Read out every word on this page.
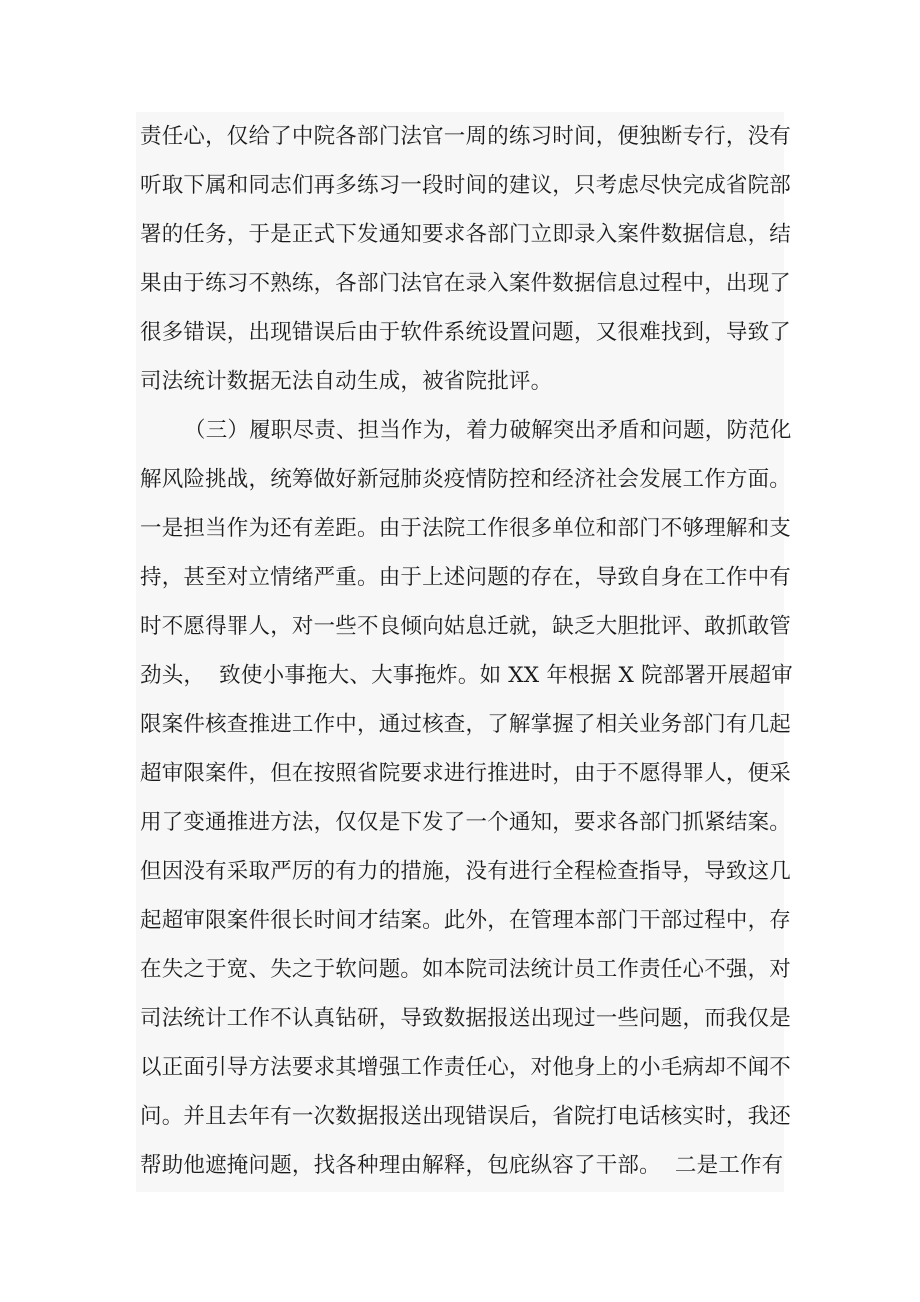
责任心，仅给了中院各部门法官一周的练习时间，便独断专行，没有
听取下属和同志们再多练习一段时间的建议，只考虑尽快完成省院部
署的任务，于是正式下发通知要求各部门立即录入案件数据信息，结
果由于练习不熟练，各部门法官在录入案件数据信息过程中，出现了
很多错误，出现错误后由于软件系统设置问题，又很难找到，导致了
司法统计数据无法自动生成，被省院批评。
（三）履职尽责、担当作为，着力破解突出矛盾和问题，防范化
解风险挑战，统筹做好新冠肺炎疫情防控和经济社会发展工作方面。
一是担当作为还有差距。由于法院工作很多单位和部门不够理解和支
持，甚至对立情绪严重。由于上述问题的存在，导致自身在工作中有
时不愿得罪人，对一些不良倾向姑息迁就，缺乏大胆批评、敢抓敢管
劲头，  致使小事拖大、大事拖炸。如 XX 年根据 X 院部署开展超审
限案件核查推进工作中，通过核查，了解掌握了相关业务部门有几起
超审限案件，但在按照省院要求进行推进时，由于不愿得罪人，便采
用了变通推进方法，仅仅是下发了一个通知，要求各部门抓紧结案。
但因没有采取严厉的有力的措施，没有进行全程检查指导，导致这几
起超审限案件很长时间才结案。此外，在管理本部门干部过程中，存
在失之于宽、失之于软问题。如本院司法统计员工作责任心不强，对
司法统计工作不认真钻研，导致数据报送出现过一些问题，而我仅是
以正面引导方法要求其增强工作责任心，对他身上的小毛病却不闻不
问。并且去年有一次数据报送出现错误后，省院打电话核实时，我还
帮助他遮掩问题，找各种理由解释，包庇纵容了干部。  二是工作有
